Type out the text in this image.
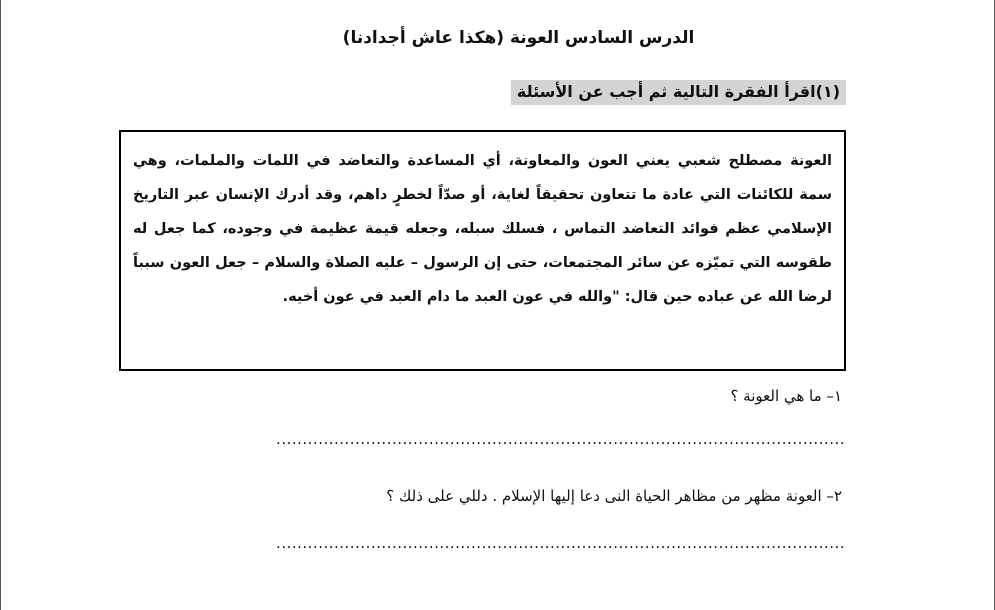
الدرس السادس العونة (هكذا عاش أجدادنا)

(١)اقرأ الفقرة التالية ثم أجب عن الأسئلة

العونة مصطلح شعبي يعني العون والمعاونة، أي المساعدة والتعاضد في اللمات والملمات، وهي سمة للكائنات التي عادة ما تتعاون تحقيقاً لغاية، أو صدّاً لخطرٍ داهم، وقد أدرك الإنسان عبر التاريخ الإسلامي عظم فوائد التعاضد التماس ، فسلك سبله، وجعله قيمة عظيمة في وجوده، كما جعل له طقوسه التي تميّزه عن سائر المجتمعات، حتى إن الرسول – عليه الصلاة والسلام – جعل العون سبباً لرضا الله عن عباده حين قال: "والله في عون العبد ما دام العبد في عون أخيه.

١– ما هي العونة ؟

............................................................................................................

٢– العونة مظهر من مظاهر الحياة النى دعا إليها الإسلام . دللي على ذلك ؟

............................................................................................................
